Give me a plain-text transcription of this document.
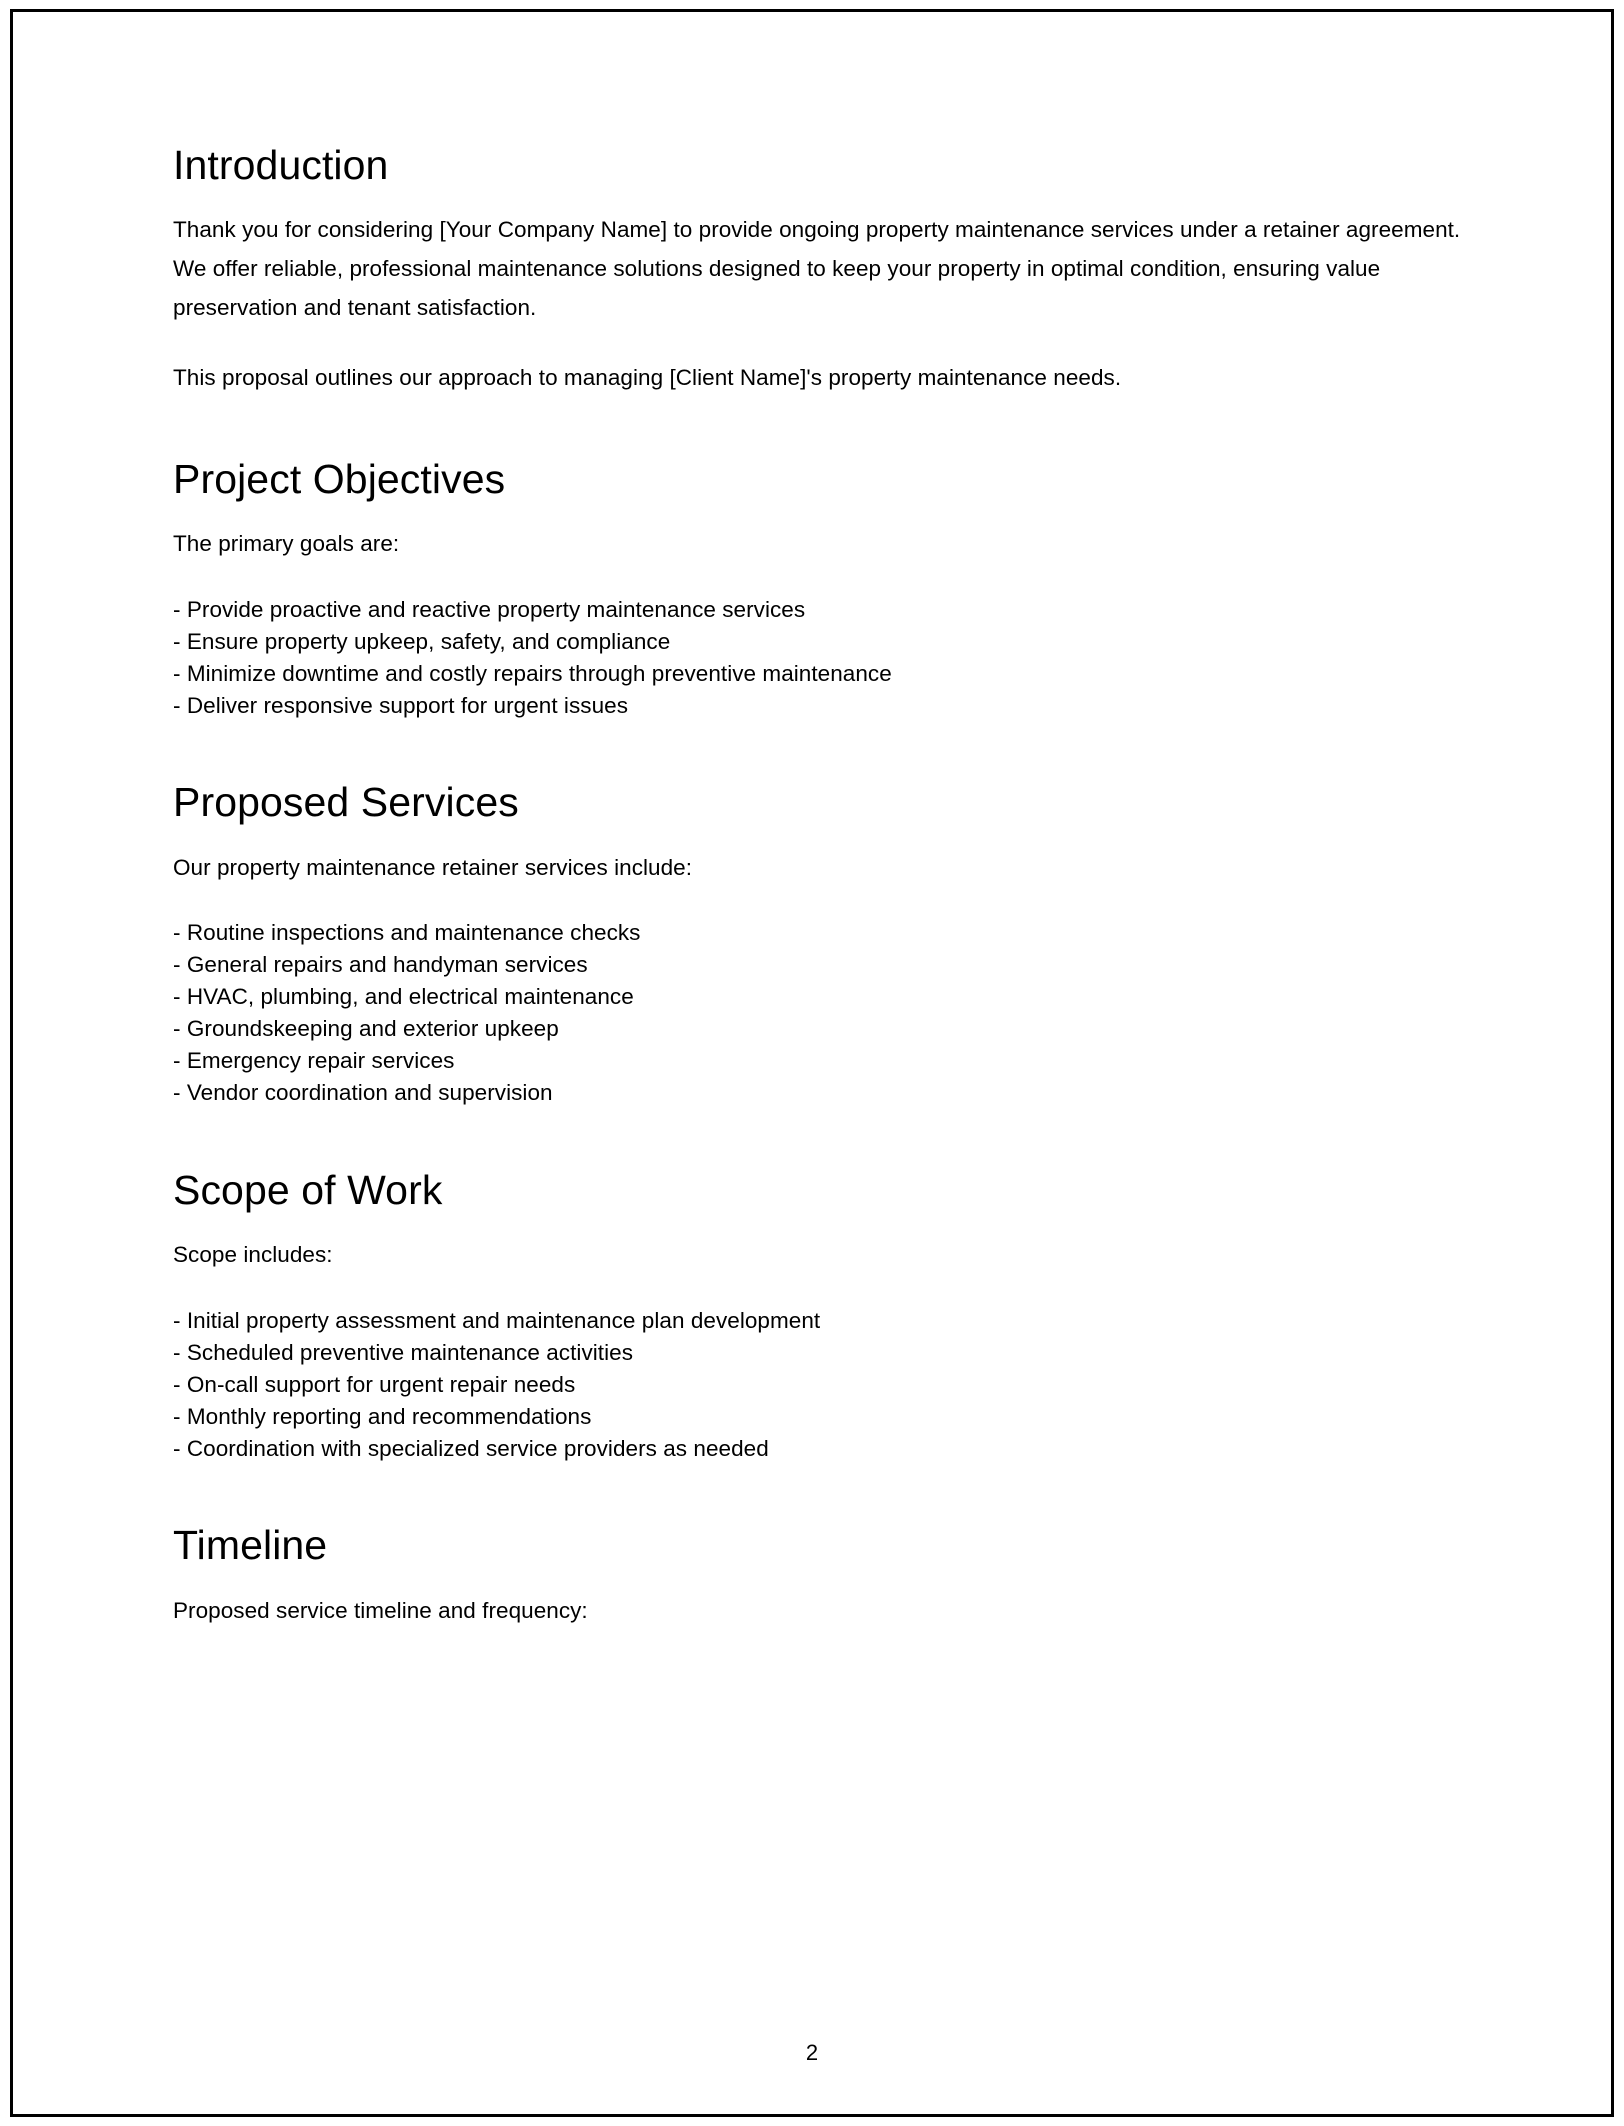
Introduction

Thank you for considering [Your Company Name] to provide ongoing property maintenance services under a retainer agreement. We offer reliable, professional maintenance solutions designed to keep your property in optimal condition, ensuring value preservation and tenant satisfaction.

This proposal outlines our approach to managing [Client Name]'s property maintenance needs.

Project Objectives

The primary goals are:

- Provide proactive and reactive property maintenance services
- Ensure property upkeep, safety, and compliance
- Minimize downtime and costly repairs through preventive maintenance
- Deliver responsive support for urgent issues
Proposed Services

Our property maintenance retainer services include:

- Routine inspections and maintenance checks
- General repairs and handyman services
- HVAC, plumbing, and electrical maintenance
- Groundskeeping and exterior upkeep
- Emergency repair services
- Vendor coordination and supervision
Scope of Work

Scope includes:

- Initial property assessment and maintenance plan development
- Scheduled preventive maintenance activities
- On-call support for urgent repair needs
- Monthly reporting and recommendations
- Coordination with specialized service providers as needed
Timeline

Proposed service timeline and frequency:

2
